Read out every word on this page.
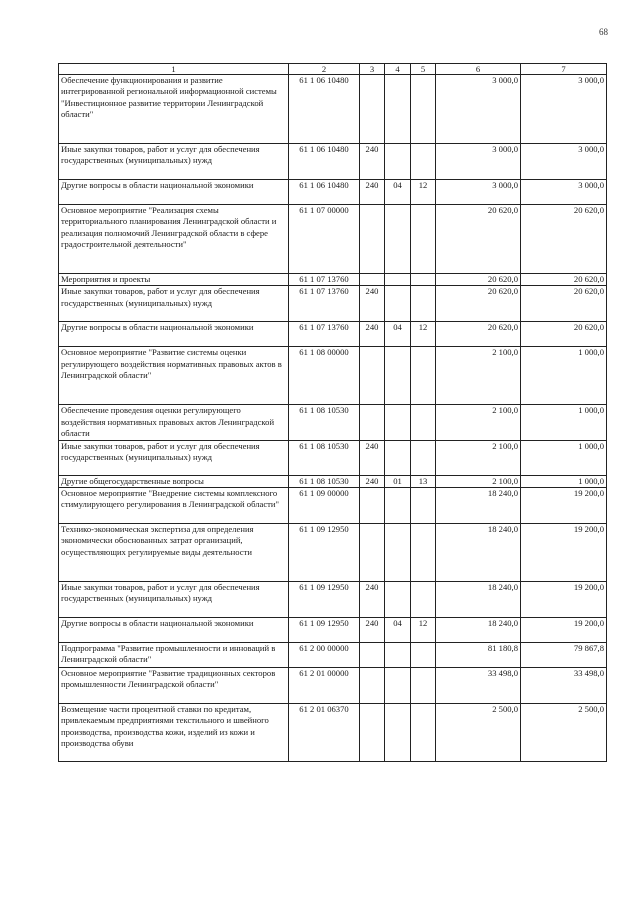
68
1	2	3	4	5	6	7
Обеспечение функционирования и развитие интегрированной региональной информационной системы "Инвестиционное развитие территории Ленинградской области"	61 1 06 10480				3 000,0	3 000,0
Иные закупки товаров, работ и услуг для обеспечения государственных (муниципальных) нужд	61 1 06 10480	240			3 000,0	3 000,0
Другие вопросы в области национальной экономики	61 1 06 10480	240	04	12	3 000,0	3 000,0
Основное мероприятие "Реализация схемы территориального планирования Ленинградской области и реализация полномочий Ленинградской области в сфере градостроительной деятельности"	61 1 07 00000				20 620,0	20 620,0
Мероприятия и проекты	61 1 07 13760				20 620,0	20 620,0
Иные закупки товаров, работ и услуг для обеспечения государственных (муниципальных) нужд	61 1 07 13760	240			20 620,0	20 620,0
Другие вопросы в области национальной экономики	61 1 07 13760	240	04	12	20 620,0	20 620,0
Основное мероприятие "Развитие системы оценки регулирующего воздействия нормативных правовых актов в Ленинградской области"	61 1 08 00000				2 100,0	1 000,0
Обеспечение проведения оценки регулирующего воздействия нормативных правовых актов Ленинградской области	61 1 08 10530				2 100,0	1 000,0
Иные закупки товаров, работ и услуг для обеспечения государственных (муниципальных) нужд	61 1 08 10530	240			2 100,0	1 000,0
Другие общегосударственные вопросы	61 1 08 10530	240	01	13	2 100,0	1 000,0
Основное мероприятие "Внедрение системы комплексного стимулирующего регулирования в Ленинградской области"	61 1 09 00000				18 240,0	19 200,0
Технико-экономическая экспертиза для определения экономически обоснованных затрат организаций, осуществляющих регулируемые виды деятельности	61 1 09 12950				18 240,0	19 200,0
Иные закупки товаров, работ и услуг для обеспечения государственных (муниципальных) нужд	61 1 09 12950	240			18 240,0	19 200,0
Другие вопросы в области национальной экономики	61 1 09 12950	240	04	12	18 240,0	19 200,0
Подпрограмма "Развитие промышленности и инноваций в Ленинградской области"	61 2 00 00000				81 180,8	79 867,8
Основное мероприятие "Развитие традиционных секторов промышленности Ленинградской области"	61 2 01 00000				33 498,0	33 498,0
Возмещение части процентной ставки по кредитам, привлекаемым предприятиями текстильного и швейного производства, производства кожи, изделий из кожи и производства обуви	61 2 01 06370				2 500,0	2 500,0
